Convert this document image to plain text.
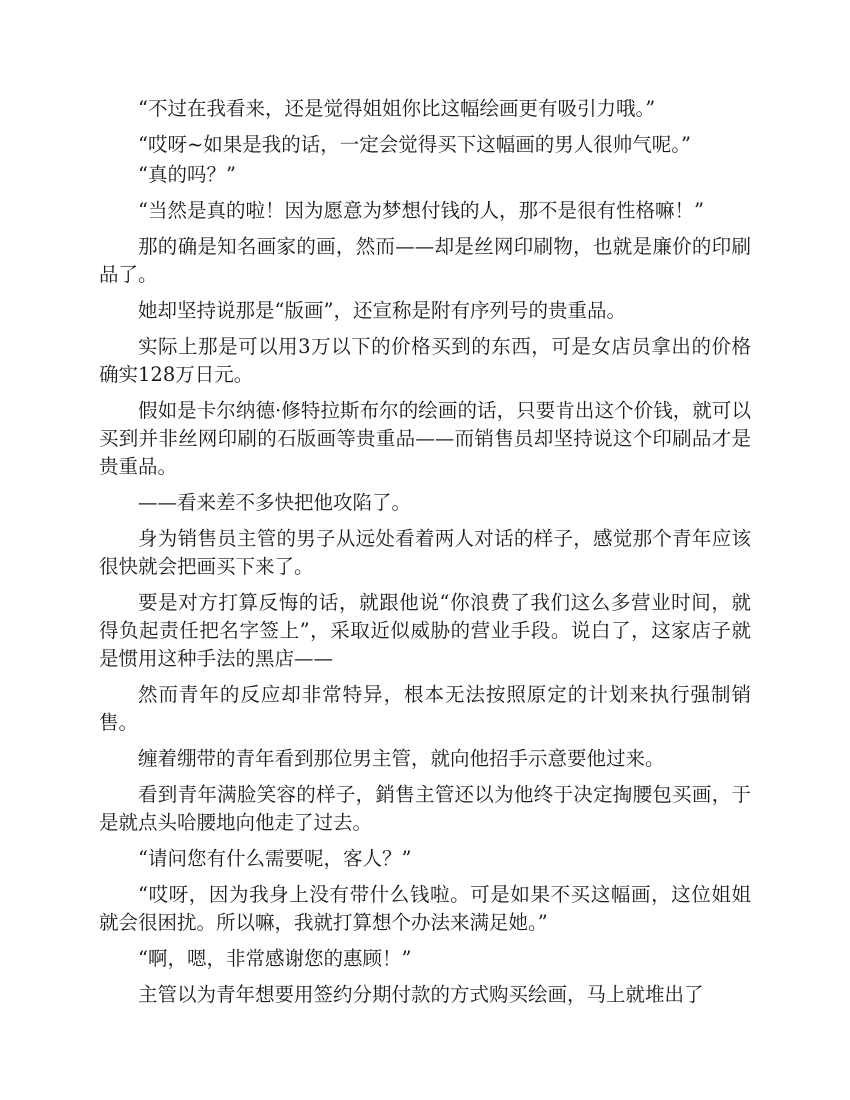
“不过在我看来，还是觉得姐姐你比这幅绘画更有吸引力哦。”

“哎呀~如果是我的话，一定会觉得买下这幅画的男人很帅气呢。”

“真的吗？”

“当然是真的啦！因为愿意为梦想付钱的人，那不是很有性格嘛！”

那的确是知名画家的画，然而——却是丝网印刷物，也就是廉价的印刷品了。

她却坚持说那是“版画”，还宣称是附有序列号的贵重品。

实际上那是可以用3万以下的价格买到的东西，可是女店员拿出的价格确实128万日元。

假如是卡尔纳德·修特拉斯布尔的绘画的话，只要肯出这个价钱，就可以买到并非丝网印刷的石版画等贵重品——而销售员却坚持说这个印刷品才是贵重品。

——看来差不多快把他攻陷了。

身为销售员主管的男子从远处看着两人对话的样子，感觉那个青年应该很快就会把画买下来了。

要是对方打算反悔的话，就跟他说“你浪费了我们这么多营业时间，就得负起责任把名字签上”，采取近似威胁的营业手段。说白了，这家店子就是惯用这种手法的黑店——

然而青年的反应却非常特异，根本无法按照原定的计划来执行强制销售。

缠着绷带的青年看到那位男主管，就向他招手示意要他过来。

看到青年满脸笑容的样子，銷售主管还以为他终于决定掏腰包买画，于是就点头哈腰地向他走了过去。

“请问您有什么需要呢，客人？”

“哎呀，因为我身上没有带什么钱啦。可是如果不买这幅画，这位姐姐就会很困扰。所以嘛，我就打算想个办法来满足她。”

“啊，嗯，非常感谢您的惠顾！”

主管以为青年想要用签约分期付款的方式购买绘画，马上就堆出了
